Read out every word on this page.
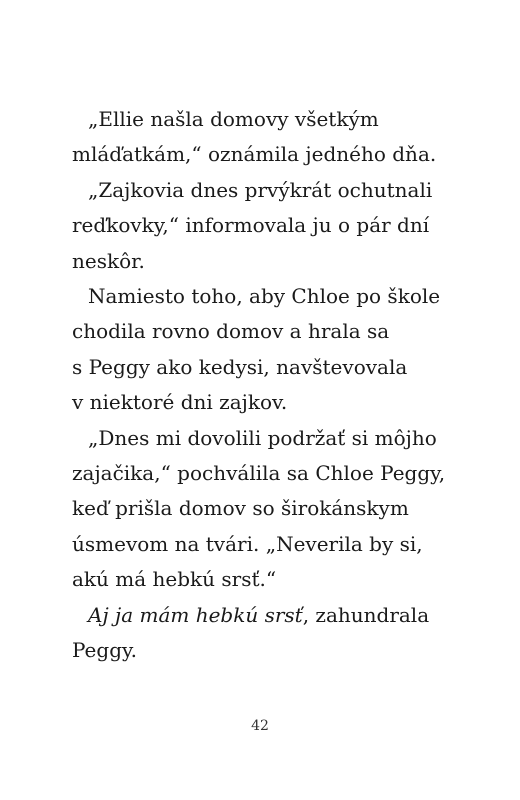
„Ellie našla domovy všetkým
mláďatkám,“ oznámila jedného dňa.

„Zajkovia dnes prvýkrát ochutnali
reďkovky,“ informovala ju o pár dní
neskôr.

Namiesto toho, aby Chloe po škole
chodila rovno domov a hrala sa
s Peggy ako kedysi, navštevovala
v niektoré dni zajkov.

„Dnes mi dovolili podržať si môjho
zajačika,“ pochválila sa Chloe Peggy,
keď prišla domov so širokánskym
úsmevom na tvári. „Neverila by si,
akú má hebkú srsť.“

Aj ja mám hebkú srsť, zahundrala
Peggy.

42
